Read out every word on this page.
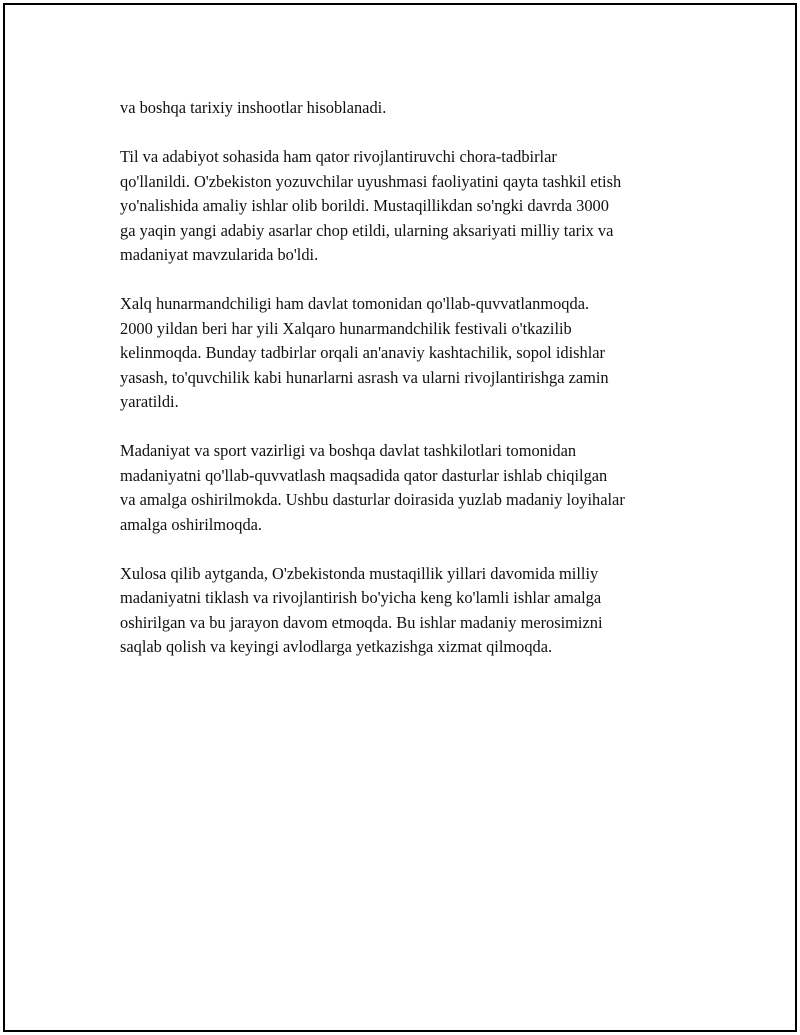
va boshqa tarixiy inshootlar hisoblanadi.

Til va adabiyot sohasida ham qator rivojlantiruvchi chora-tadbirlar
qo'llanildi. O'zbekiston yozuvchilar uyushmasi faoliyatini qayta tashkil etish
yo'nalishida amaliy ishlar olib borildi. Mustaqillikdan so'ngki davrda 3000
ga yaqin yangi adabiy asarlar chop etildi, ularning aksariyati milliy tarix va
madaniyat mavzularida bo'ldi.

Xalq hunarmandchiligi ham davlat tomonidan qo'llab-quvvatlanmoqda.
2000 yildan beri har yili Xalqaro hunarmandchilik festivali o'tkazilib
kelinmoqda. Bunday tadbirlar orqali an'anaviy kashtachilik, sopol idishlar
yasash, to'quvchilik kabi hunarlarni asrash va ularni rivojlantirishga zamin
yaratildi.

Madaniyat va sport vazirligi va boshqa davlat tashkilotlari tomonidan
madaniyatni qo'llab-quvvatlash maqsadida qator dasturlar ishlab chiqilgan
va amalga oshirilmokda. Ushbu dasturlar doirasida yuzlab madaniy loyihalar
amalga oshirilmoqda.

Xulosa qilib aytganda, O'zbekistonda mustaqillik yillari davomida milliy
madaniyatni tiklash va rivojlantirish bo'yicha keng ko'lamli ishlar amalga
oshirilgan va bu jarayon davom etmoqda. Bu ishlar madaniy merosimizni
saqlab qolish va keyingi avlodlarga yetkazishga xizmat qilmoqda.
